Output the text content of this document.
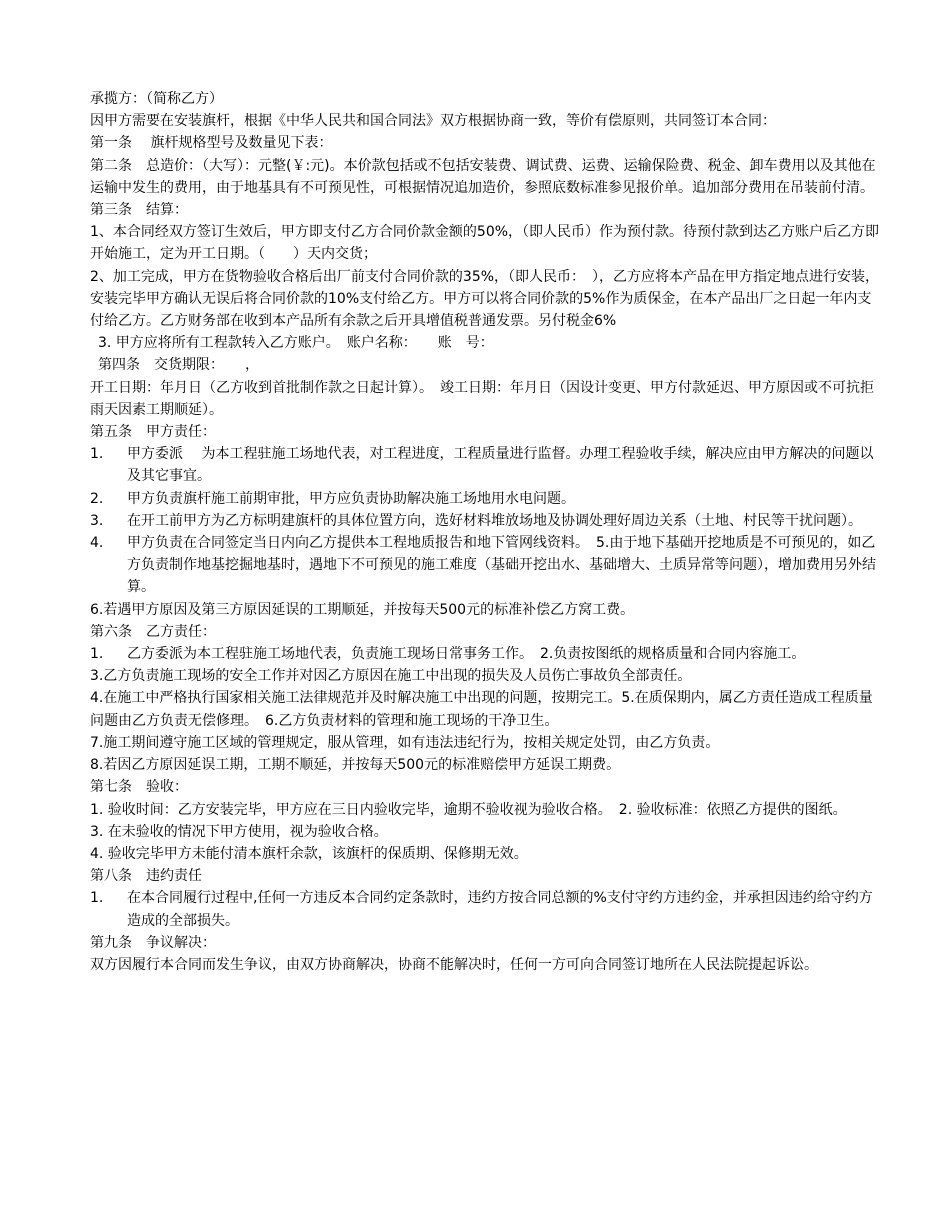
承揽方：（简称乙方）

因甲方需要在安装旗杆，根据《中华人民共和国合同法》双方根据协商一致，等价有偿原则，共同签订本合同：

第一条　 旗杆规格型号及数量见下表：

第二条　总造价：（大写）：元整(￥:元)。本价款包括或不包括安装费、调试费、运费、运输保险费、税金、卸车费用以及其他在运输中发生的费用，由于地基具有不可预见性，可根据情况追加造价，参照底数标准参见报价单。追加部分费用在吊装前付清。

第三条　结算：

1、本合同经双方签订生效后，甲方即支付乙方合同价款金额的50%，（即人民币）作为预付款。待预付款到达乙方账户后乙方即开始施工，定为开工日期。（　　）天内交货；

2、加工完成，甲方在货物验收合格后出厂前支付合同价款的35%，（即人民币：　），乙方应将本产品在甲方指定地点进行安装，安装完毕甲方确认无误后将合同价款的10%支付给乙方。甲方可以将合同价款的5%作为质保金，在本产品出厂之日起一年内支付给乙方。乙方财务部在收到本产品所有余款之后开具增值税普通发票。另付税金6%

3. 甲方应将所有工程款转入乙方账户。　账户名称：　　账　号：

第四条　交货期限：　　，

开工日期：年月日（乙方收到首批制作款之日起计算）。　竣工日期：年月日（因设计变更、甲方付款延迟、甲方原因或不可抗拒雨天因素工期顺延）。

第五条　甲方责任：

1.	甲方委派　 为本工程驻施工场地代表，对工程进度，工程质量进行监督。办理工程验收手续，解决应由甲方解决的问题以及其它事宜。
2.	甲方负责旗杆施工前期审批，甲方应负责协助解决施工场地用水电问题。
3.	在开工前甲方为乙方标明建旗杆的具体位置方向，选好材料堆放场地及协调处理好周边关系（土地、村民等干扰问题）。
4.	甲方负责在合同签定当日内向乙方提供本工程地质报告和地下管网线资料。　5.由于地下基础开挖地质是不可预见的，如乙方负责制作地基挖掘地基时，遇地下不可预见的施工难度（基础开挖出水、基础增大、土质异常等问题），增加费用另外结算。

6.若遇甲方原因及第三方原因延误的工期顺延，并按每天500元的标准补偿乙方窝工费。

第六条　乙方责任：

1.	乙方委派为本工程驻施工场地代表，负责施工现场日常事务工作。　2.负责按图纸的规格质量和合同内容施工。

3.乙方负责施工现场的安全工作并对因乙方原因在施工中出现的损失及人员伤亡事故负全部责任。

4.在施工中严格执行国家相关施工法律规范并及时解决施工中出现的问题，按期完工。5.在质保期内，属乙方责任造成工程质量问题由乙方负责无偿修理。　6.乙方负责材料的管理和施工现场的干净卫生。

7.施工期间遵守施工区域的管理规定，服从管理，如有违法违纪行为，按相关规定处罚，由乙方负责。

8.若因乙方原因延误工期，工期不顺延，并按每天500元的标准赔偿甲方延误工期费。

第七条　验收：

1. 验收时间：乙方安装完毕，甲方应在三日内验收完毕，逾期不验收视为验收合格。　2. 验收标准：依照乙方提供的图纸。

3. 在未验收的情况下甲方使用，视为验收合格。

4. 验收完毕甲方未能付清本旗杆余款，该旗杆的保质期、保修期无效。

第八条　违约责任

1.	在本合同履行过程中,任何一方违反本合同约定条款时，违约方按合同总额的%支付守约方违约金，并承担因违约给守约方造成的全部损失。

第九条　争议解决：

双方因履行本合同而发生争议，由双方协商解决，协商不能解决时，任何一方可向合同签订地所在人民法院提起诉讼。
